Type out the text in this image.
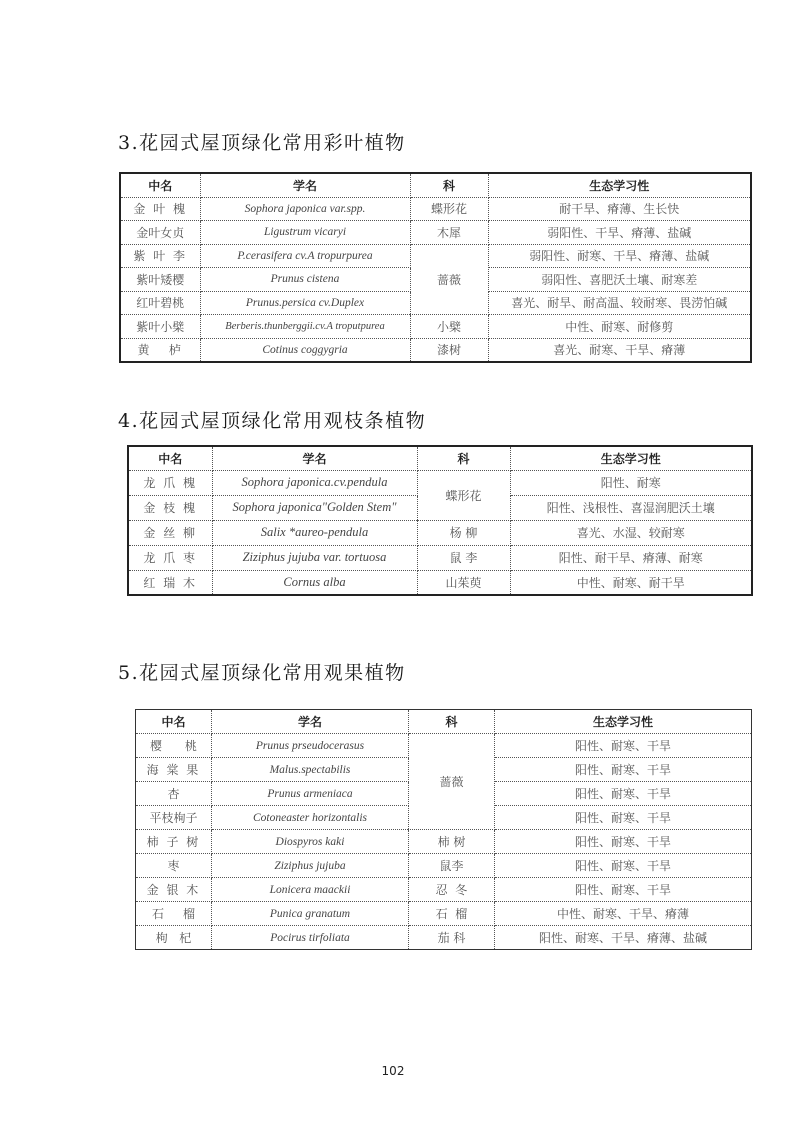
3.花园式屋顶绿化常用彩叶植物
中名	学名	科	生态学习性
金 叶 槐	Sophora japonica var.spp.	蝶形花	耐干旱、瘠薄、生长快
金叶女贞	Ligustrum vicaryi	木犀	弱阳性、干旱、瘠薄、盐碱
紫 叶 李	P.cerasifera cv.A tropurpurea	蔷薇	弱阳性、耐寒、干旱、瘠薄、盐碱
紫叶矮樱	Prunus cistena		弱阳性、喜肥沃土壤、耐寒差
红叶碧桃	Prunus.persica cv.Duplex		喜光、耐旱、耐高温、较耐寒、畏涝怕碱
紫叶小檗	Berberis.thunberggii.cv.A troputpurea	小檗	中性、耐寒、耐修剪
黄   栌	Cotinus coggygria	漆树	喜光、耐寒、干旱、瘠薄
4.花园式屋顶绿化常用观枝条植物
中名	学名	科	生态学习性
龙 爪 槐	Sophora japonica.cv.pendula	蝶形花	阳性、耐寒
金 枝 槐	Sophora japonica"Golden Stem"		阳性、浅根性、喜湿润肥沃土壤
金 丝 柳	Salix *aureo-pendula	杨 柳	喜光、水湿、较耐寒
龙 爪 枣	Ziziphus jujuba var. tortuosa	鼠 李	阳性、耐干旱、瘠薄、耐寒
红 瑞 木	Cornus alba	山茱萸	中性、耐寒、耐干旱
5.花园式屋顶绿化常用观果植物
中名	学名	科	生态学习性
樱      桃	Prunus prseudocerasus	蔷薇	阳性、耐寒、干旱
海 棠 果	Malus.spectabilis		阳性、耐寒、干旱
杏	Prunus armeniaca		阳性、耐寒、干旱
平枝栒子	Cotoneaster horizontalis		阳性、耐寒、干旱
柿 子 树	Diospyros kaki	柿 树	阳性、耐寒、干旱
枣	Ziziphus jujuba	鼠李	阳性、耐寒、干旱
金 银 木	Lonicera maackii	忍  冬	阳性、耐寒、干旱
石     榴	Punica granatum	石  榴	中性、耐寒、干旱、瘠薄
枸   杞	Pocirus tirfoliata	茄 科	阳性、耐寒、干旱、瘠薄、盐碱
102
